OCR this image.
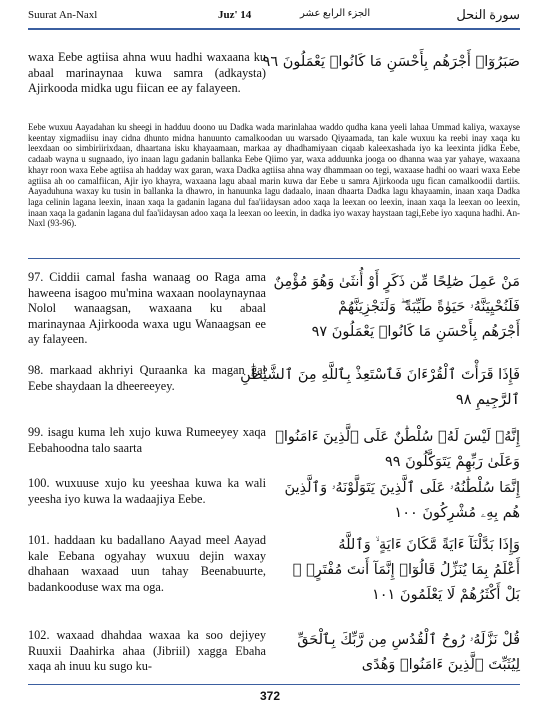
Suurat An-Naxl	Juz' 14	الجزء الرابع عشر	سورة النحل
waxa Eebe agtiisa ahna wuu hadhi waxaana ku abaal marinaynaa kuwa samra (adkaysta) Ajirkooda midka ugu fiican ee ay falayeen.
صَبَرُوٓا۟ أَجْرَهُم بِأَحْسَنِ مَا كَانُوا۟ يَعْمَلُونَ ٩٦
Eebe wuxuu Aayadahan ku sheegi in hadduu doono uu Dadka wada marinlahaa waddo qudha kana yeeli lahaa Ummad kaliya, waxayse keentay xigmadiisu inay cidna dhunto midna hanuunto camalkoodan uu warsado Qiyaamada, tan kale wuxuu ka reebi inay xaqa ku leexdaan oo simbiriirixdaan, dhaartana isku khayaamaan, markaa ay dhadhamiyaan ciqaab kaleexashada iyo ka leexinta jidka Eebe, cadaab wayna u sugnaado, iyo inaan lagu gadanin ballanka Eebe Qiimo yar, waxa adduunka jooga oo dhanna waa yar yahaye, waxaana khayr roon waxa Eebe agtiisa ah hadday wax garan, waxa Dadka agtiisa ahna way dhammaan oo tegi, waxaase hadhi oo waari waxa Eebe agtiisa ah oo camalfiican, Ajir iyo khayra, waxaana lagu abaal marin kuwa dar Eebe u samra Ajirkooda ugu fican camalkoodii dartiis. Aayaduhuna waxay ku tusin in ballanka la dhawro, in hanuunka lagu dadaalo, inaan dhaarta Dadka lagu khayaamin, inaan xaqa Dadka laga celinin lagana leexin, inaan xaqa la gadanin lagana dul faa'iidaysan adoo xaqa la leexan oo leexin, inaan xaqa la leexan oo leexin, inaan xaqa la gadanin lagana dul faa'iidaysan adoo xaqa la leexan oo leexin, in dadka iyo waxay haystaan tagi,Eebe iyo xaquna hadhi. An-Naxl (93-96).
97. Ciddii camal fasha wanaag oo Raga ama haweena isagoo mu'mina waxaan noolaynaynaa Nolol wanaagsan, waxaana ku abaal marinaynaa Ajirkooda waxa ugu Wanaagsan ee ay falayeen.
مَنْ عَمِلَ صَٰلِحًا مِّن ذَكَرٍ أَوْ أُنثَىٰ وَهُوَ مُؤْمِنٌ
فَلَنُحْيِيَنَّهُۥ حَيَوٰةً طَيِّبَةً ۖ وَلَنَجْزِيَنَّهُمْ
أَجْرَهُم بِأَحْسَنِ مَا كَانُوا۟ يَعْمَلُونَ ٩٧
98. markaad akhriyi Quraanka ka magan gal Eebe shaydaan la dheereeyey.
فَإِذَا قَرَأْتَ ٱلْقُرْءَانَ فَٱسْتَعِذْ بِٱللَّهِ مِنَ ٱلشَّيْطَٰنِ
ٱلرَّجِيمِ ٩٨
99. isagu kuma leh xujo kuwa Rumeeyey xaqa Eebahoodna talo saarta
إِنَّهُۥ لَيْسَ لَهُۥ سُلْطَٰنٌ عَلَى ٱلَّذِينَ ءَامَنُوا۟
وَعَلَىٰ رَبِّهِمْ يَتَوَكَّلُونَ ٩٩
100. wuxuuse xujo ku yeeshaa kuwa ka wali yeesha iyo kuwa la wadaajiya Eebe.
إِنَّمَا سُلْطَٰنُهُۥ عَلَى ٱلَّذِينَ يَتَوَلَّوْنَهُۥ وَٱلَّذِينَ
هُم بِهِۦ مُشْرِكُونَ ١٠٠
101. haddaan ku badallano Aayad meel Aayad kale Eebana ogyahay wuxuu dejin waxay dhahaan waxaad uun tahay Beenabuurte, badankooduse wax ma oga.
وَإِذَا بَدَّلْنَآ ءَايَةً مَّكَانَ ءَايَةٍ ۙ وَٱللَّهُ
أَعْلَمُ بِمَا يُنَزِّلُ قَالُوٓا۟ إِنَّمَآ أَنتَ مُفْتَرٍۭ ۚ
بَلْ أَكْثَرُهُمْ لَا يَعْلَمُونَ ١٠١
102. waxaad dhahdaa waxaa ka soo dejiyey Ruuxii Daahirka ahaa (Jibriil) xagga Ebaha xaqa ah inuu ku sugo ku-
قُلْ نَزَّلَهُۥ رُوحُ ٱلْقُدُسِ مِن رَّبِّكَ بِٱلْحَقِّ
لِيُثَبِّتَ ٱلَّذِينَ ءَامَنُوا۟ وَهُدًى
372
